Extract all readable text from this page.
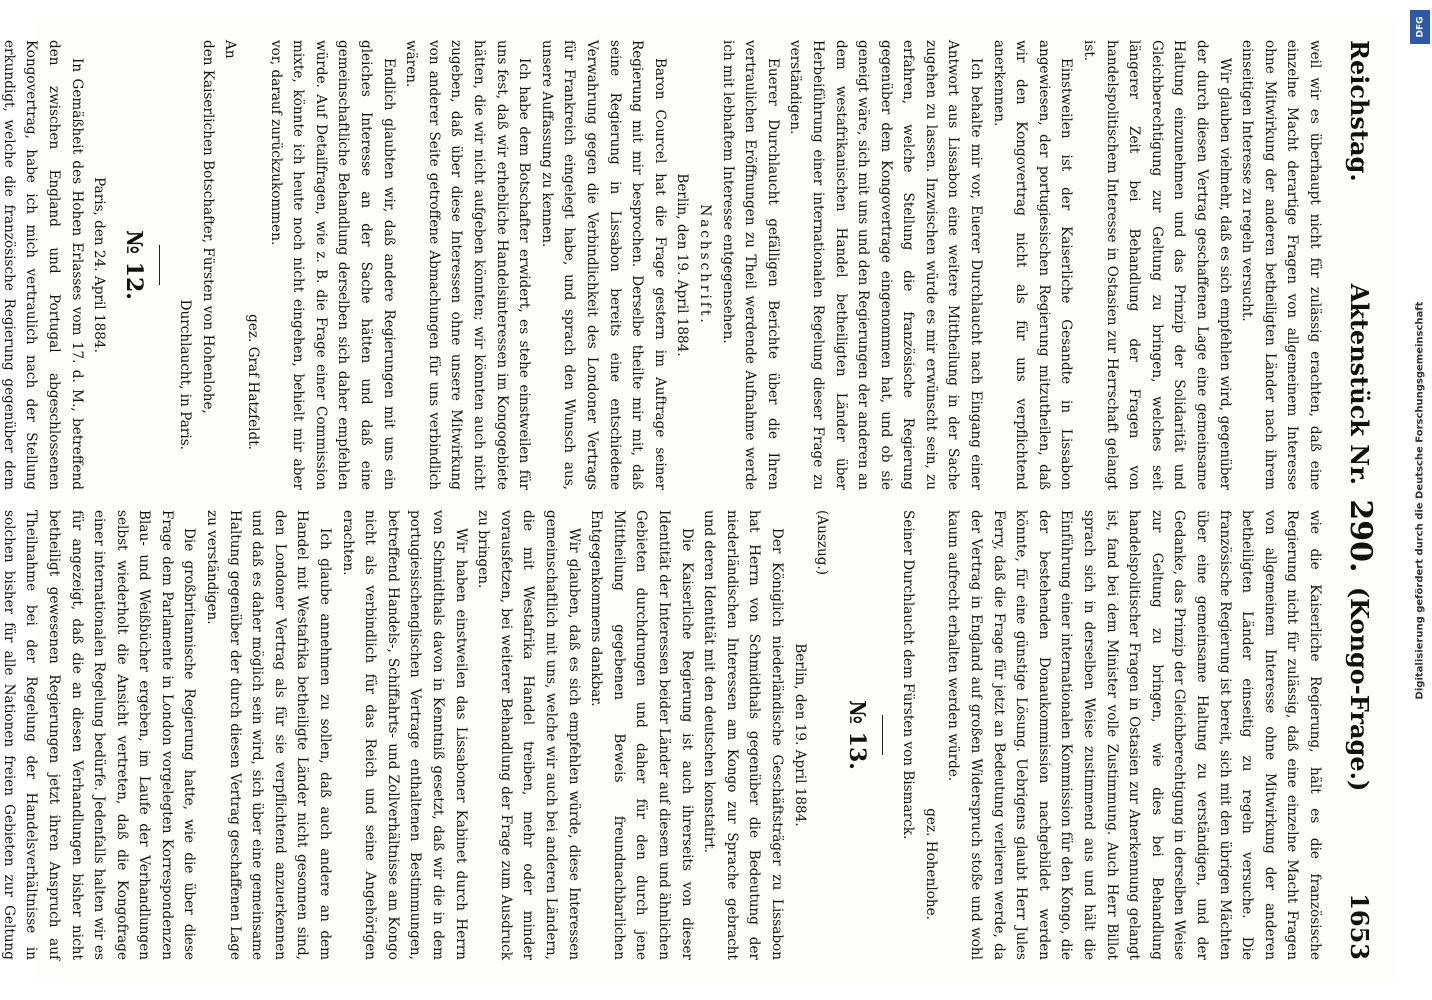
Reichstag.
Aktenstück Nr. 290. (Kongo-Frage.)
1653

weil wir es überhaupt nicht für zulässig erachten, daß eine einzelne Macht derartige Fragen von allgemeinem Interesse ohne Mitwirkung der anderen betheiligten Länder nach ihrem einseitigen Interesse zu regeln versucht.

Wir glauben vielmehr, daß es sich empfehlen wird, gegenüber der durch diesen Vertrag geschaffenen Lage eine gemeinsame Haltung einzunehmen und das Prinzip der Solidarität und Gleichberechtigung zur Geltung zu bringen, welches seit längerer Zeit bei Behandlung der Fragen von handelspolitischem Interesse in Ostasien zur Herrschaft gelangt ist.

Einstweilen ist der Kaiserliche Gesandte in Lissabon angewiesen, der portugiesischen Regierung mitzutheilen, daß wir den Kongovertrag nicht als für uns verpflichtend anerkennen.

Ich behalte mir vor, Euerer Durchlaucht nach Eingang einer Antwort aus Lissabon eine weitere Mittheilung in der Sache zugehen zu lassen. Inzwischen würde es mir erwünscht sein, zu erfahren, welche Stellung die französische Regierung gegenüber dem Kongovertrage eingenommen hat, und ob sie geneigt wäre, sich mit uns und den Regierungen der anderen an dem westafrikanischen Handel betheiligten Länder über Herbeiführung einer internationalen Regelung dieser Frage zu verständigen.

Euerer Durchlaucht gefälligen Berichte über die Ihren vertraulichen Eröffnungen zu Theil werdende Aufnahme werde ich mit lebhaftem Interesse entgegensehen.

Nachschrift.

Berlin, den 19. April 1884.

Baron Courcel hat die Frage gestern im Auftrage seiner Regierung mit mir besprochen. Derselbe theilte mir mit, daß seine Regierung in Lissabon bereits eine entschiedene Verwahrung gegen die Verbindlichkeit des Londoner Vertrags für Frankreich eingelegt habe, und sprach den Wunsch aus, unsere Auffassung zu kennen.

Ich habe dem Botschafter erwidert, es stehe einstweilen für uns fest, daß wir erhebliche Handelsinteressen im Kongogebiete hätten, die wir nicht aufgeben könnten; wir könnten auch nicht zugeben, daß über diese Interessen ohne unsere Mitwirkung von anderer Seite getroffene Abmachungen für uns verbindlich wären.

Endlich glaubten wir, daß andere Regierungen mit uns ein gleiches Interesse an der Sache hätten und daß eine gemeinschaftliche Behandlung derselben sich daher empfehlen würde. Auf Detailfragen, wie z. B. die Frage einer Commission mixte, könnte ich heute noch nicht eingehen, behielt mir aber vor, darauf zurückzukommen.

gez. Graf Hatzfeldt.

An

den Kaiserlichen Botschafter, Fürsten von Hohenlohe,

Durchlaucht, in Paris.

№ 12.

Paris, den 24. April 1884.

In Gemäßheit des Hohen Erlasses vom 17. d. M., betreffend den zwischen England und Portugal abgeschlossenen Kongovertrag, habe ich mich vertraulich nach der Stellung erkundigt, welche die französische Regierung gegenüber dem

wie die Kaiserliche Regierung, hält es die französische Regierung nicht für zulässig, daß eine einzelne Macht Fragen von allgemeinem Interesse ohne Mitwirkung der anderen betheiligten Länder einseitig zu regeln versuche. Die französische Regierung ist bereit, sich mit den übrigen Mächten über eine gemeinsame Haltung zu verständigen, und der Gedanke, das Prinzip der Gleichberechtigung in derselben Weise zur Geltung zu bringen, wie dies bei Behandlung handelspolitischer Fragen in Ostasien zur Anerkennung gelangt ist, fand bei dem Minister volle Zustimmung. Auch Herr Billot sprach sich in derselben Weise zustimmend aus und hält die Einführung einer internationalen Kommission für den Kongo, die der bestehenden Donaukommission nachgebildet werden könnte, für eine günstige Lösung. Uebrigens glaubt Herr Jules Ferry, daß die Frage für jetzt an Bedeutung verlieren werde, da der Vertrag in England auf großen Widerspruch stoße und wohl kaum aufrecht erhalten werden würde.

gez. Hohenlohe.

Seiner Durchlaucht dem Fürsten von Bismarck.

№ 13.

(Auszug.)

Berlin, den 19. April 1884.

Der Königlich niederländische Geschäftsträger zu Lissabon hat Herrn von Schmidthals gegenüber die Bedeutung der niederländischen Interessen am Kongo zur Sprache gebracht und deren Identität mit den deutschen konstatirt.

Die Kaiserliche Regierung ist auch ihrerseits von dieser Identität der Interessen beider Länder auf diesem und ähnlichen Gebieten durchdrungen und daher für den durch jene Mittheilung gegebenen Beweis freundnachbarlichen Entgegenkommens dankbar.

Wir glauben, daß es sich empfehlen würde, diese Interessen gemeinschaftlich mit uns, welche wir auch bei anderen Ländern, die mit Westafrika Handel treiben, mehr oder minder vorausfetzen, bei weiterer Behandlung der Frage zum Ausdruck zu bringen.

Wir haben einstweilen das Lissaboner Kabinet durch Herrn von Schmidthals davon in Kenntniß gesetzt, daß wir die in dem portugiesischenglischen Vertrage enthaltenen Bestimmungen, betreffend Handels-, Schiffahrts- und Zollverhältnisse am Kongo nicht als verbindlich für das Reich und seine Angehörigen erachten.

Ich glaube annehmen zu sollen, daß auch andere an dem Handel mit Westafrika betheiligte Länder nicht gesonnen sind, den Londoner Vertrag als für sie verpflichtend anzuerkennen und daß es daher möglich sein wird, sich über eine gemeinsame Haltung gegenüber der durch diesen Vertrag geschaffenen Lage zu verständigen.

Die großbritannische Regierung hatte, wie die über diese Frage dem Parlamente in London vorgelegten Korrespondenzen Blau- und Weißbücher ergeben, im Laufe der Verhandlungen selbst wiederholt die Ansicht vertreten, daß die Kongofrage einer internationalen Regelung bedürfe. Jedenfalls halten wir es für angezeigt, daß die an diesen Verhandlungen bisher nicht betheiligt gewesenen Regierungen jetzt ihren Anspruch auf Theilnahme bei der Regelung der Handelsverhältnisse in solchen bisher für alle Nationen freien Gebieten zur Geltung

Digitalisierung gefördert durch die Deutsche Forschungsgemeinschaft
DFG
